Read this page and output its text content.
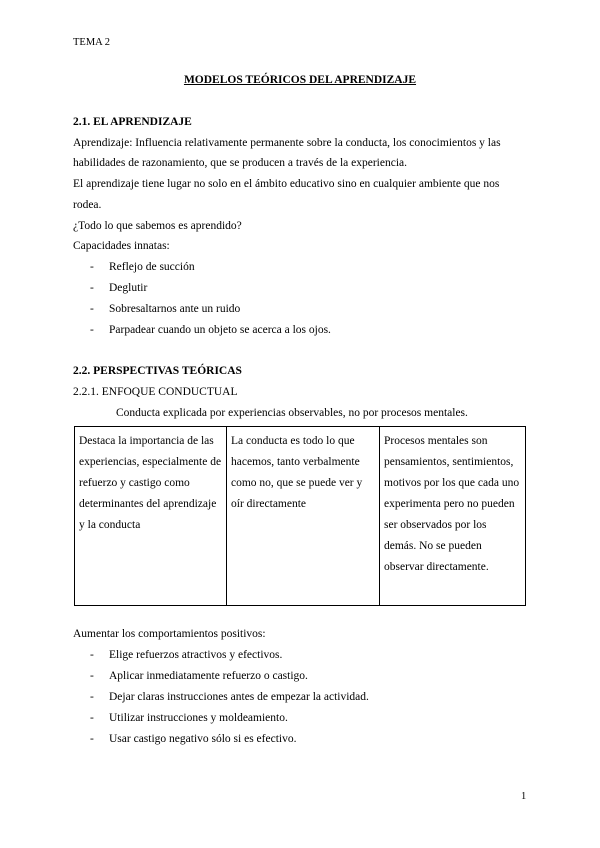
TEMA 2
MODELOS TEÓRICOS DEL APRENDIZAJE
2.1. EL APRENDIZAJE
Aprendizaje: Influencia relativamente permanente sobre la conducta, los conocimientos y las
habilidades de razonamiento, que se producen a través de la experiencia.
El aprendizaje tiene lugar no solo en el ámbito educativo sino en cualquier ambiente que nos
rodea.
¿Todo lo que sabemos es aprendido?
Capacidades innatas:
- Reflejo de succión
- Deglutir
- Sobresaltarnos ante un ruido
- Parpadear cuando un objeto se acerca a los ojos.
2.2. PERSPECTIVAS TEÓRICAS
2.2.1. ENFOQUE CONDUCTUAL
Conducta explicada por experiencias observables, no por procesos mentales.
Destaca la importancia de las experiencias, especialmente de refuerzo y castigo como determinantes del aprendizaje y la conducta
La conducta es todo lo que hacemos, tanto verbalmente como no, que se puede ver y oír directamente
Procesos mentales son pensamientos, sentimientos, motivos por los que cada uno experimenta pero no pueden ser observados por los demás. No se pueden observar directamente.
Aumentar los comportamientos positivos:
- Elige refuerzos atractivos y efectivos.
- Aplicar inmediatamente refuerzo o castigo.
- Dejar claras instrucciones antes de empezar la actividad.
- Utilizar instrucciones y moldeamiento.
- Usar castigo negativo sólo si es efectivo.
1
